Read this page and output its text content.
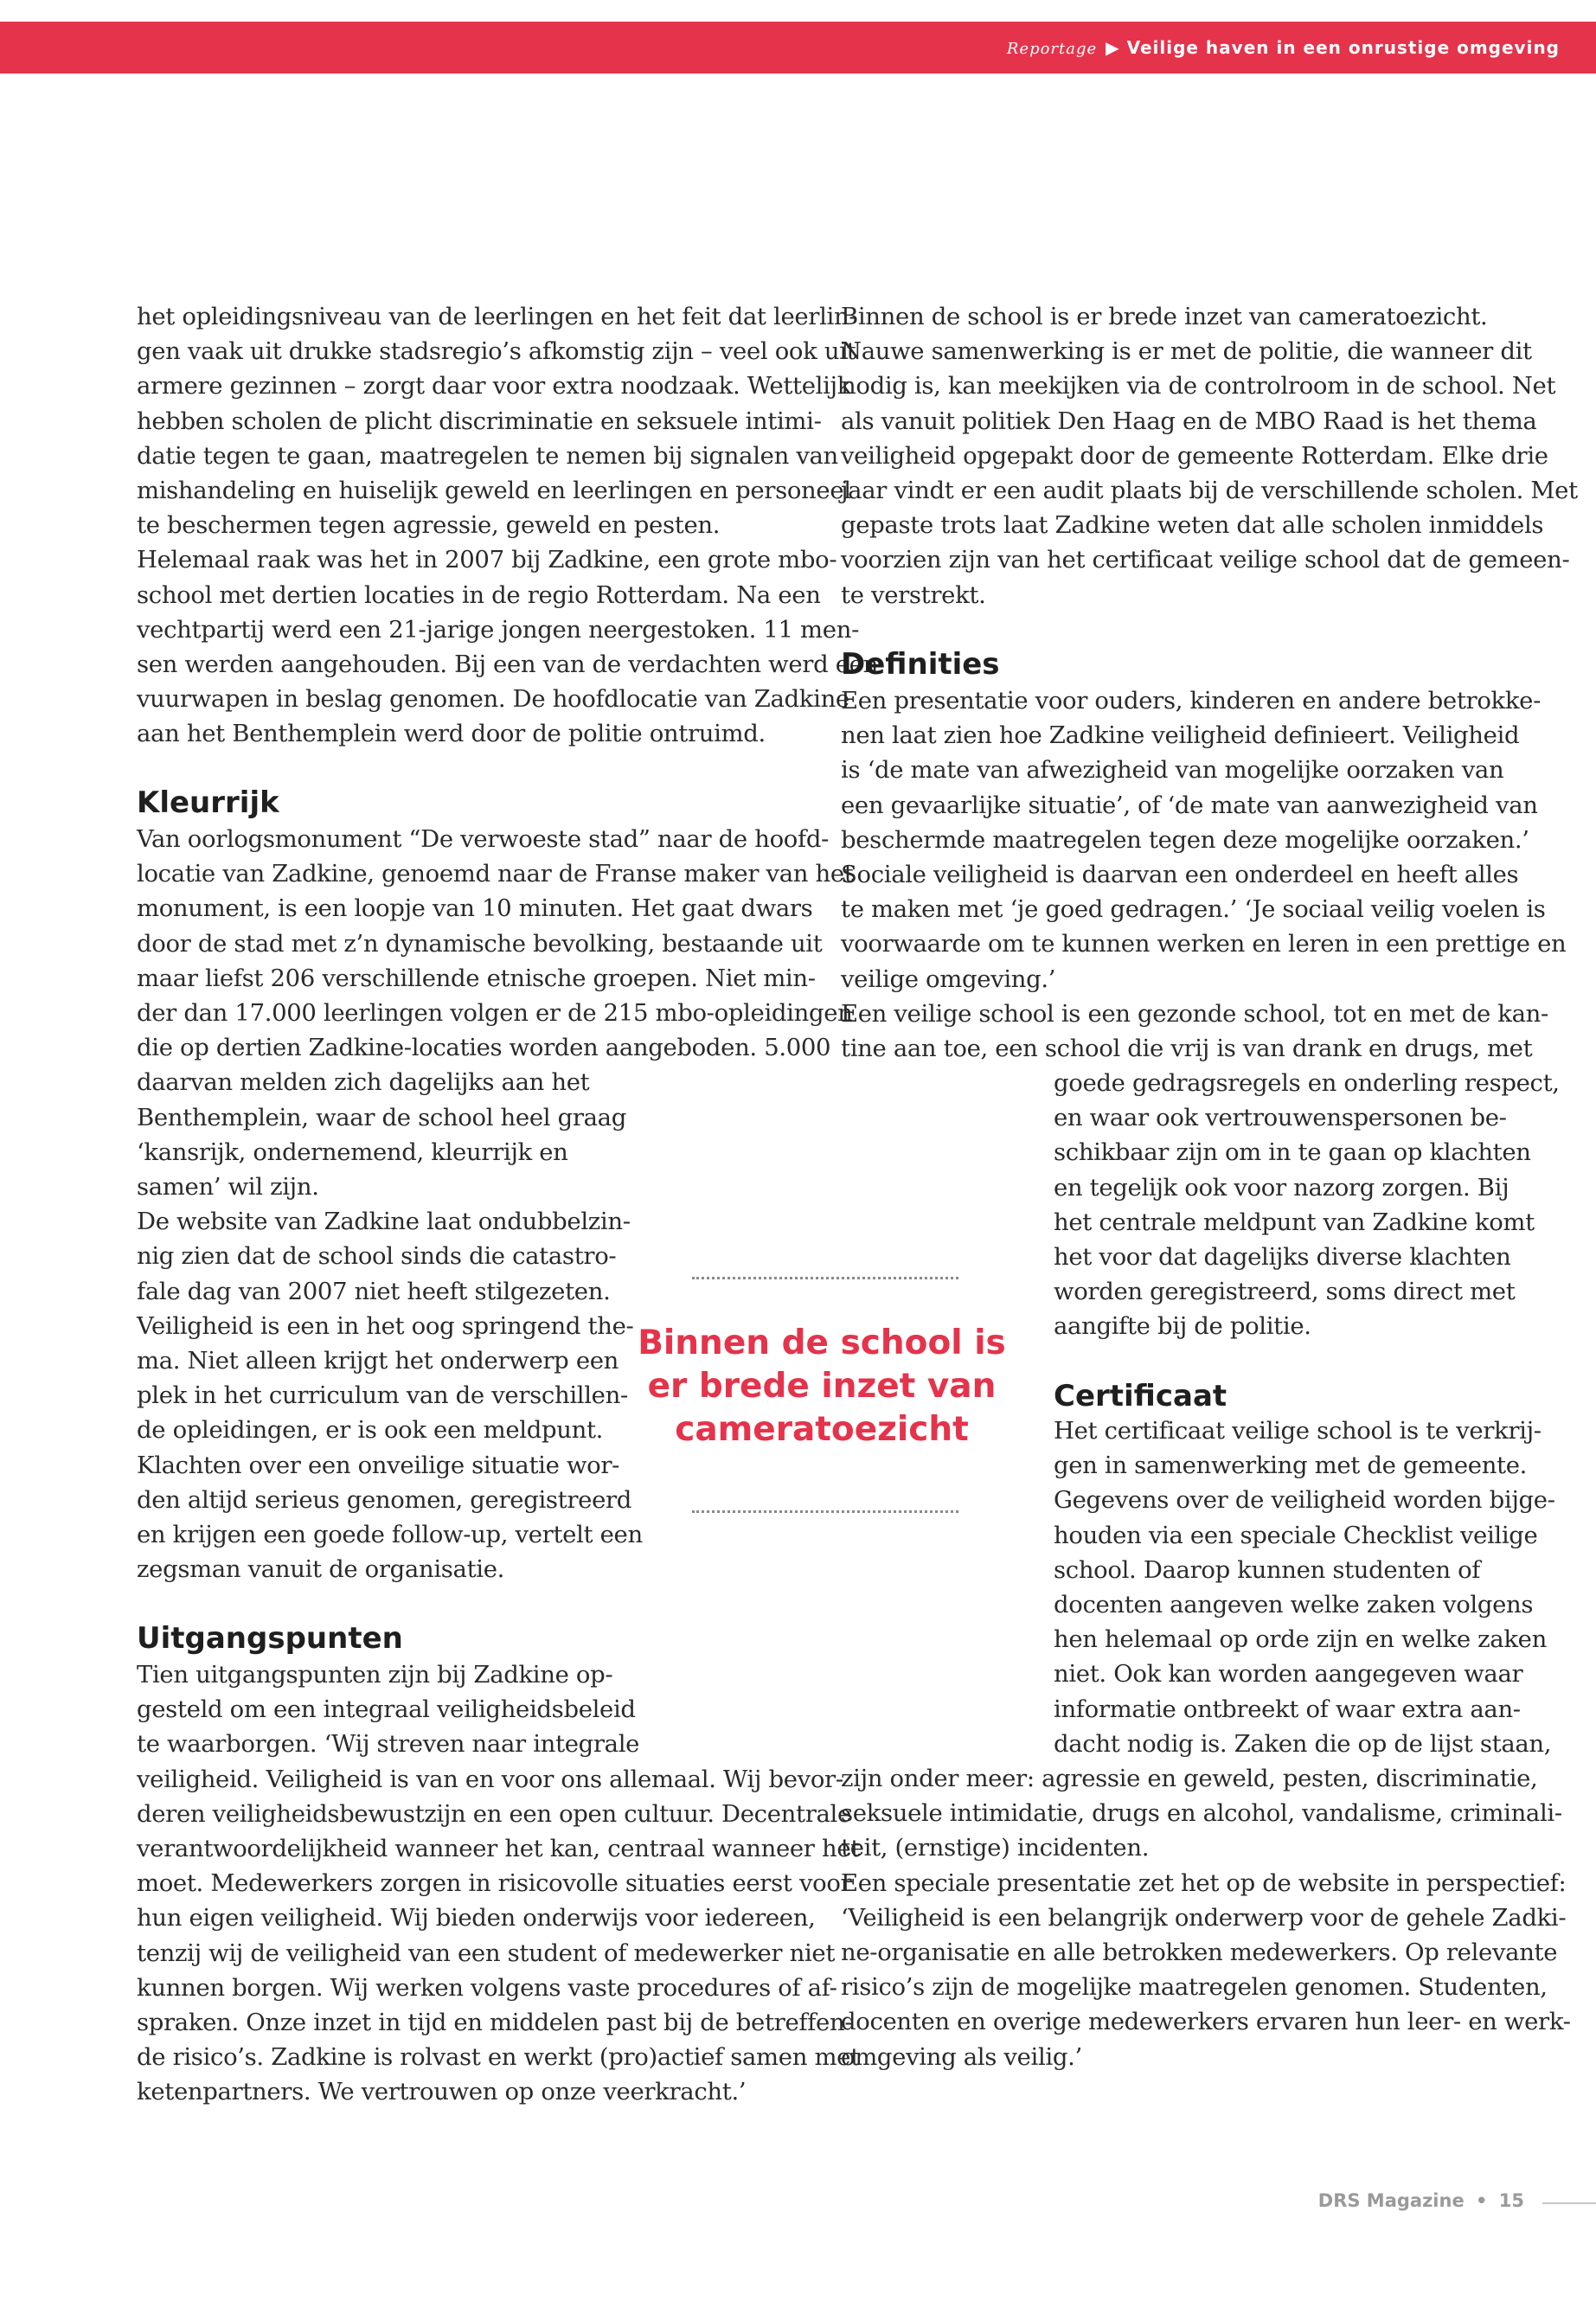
Reportage ▶ Veilige haven in een onrustige omgeving
het opleidingsniveau van de leerlingen en het feit dat leerlin-
gen vaak uit drukke stadsregio’s afkomstig zijn – veel ook uit
armere gezinnen – zorgt daar voor extra noodzaak. Wettelijk
hebben scholen de plicht discriminatie en seksuele intimi-
datie tegen te gaan, maatregelen te nemen bij signalen van
mishandeling en huiselijk geweld en leerlingen en personeel
te beschermen tegen agressie, geweld en pesten.
Helemaal raak was het in 2007 bij Zadkine, een grote mbo-
school met dertien locaties in de regio Rotterdam. Na een
vechtpartij werd een 21-jarige jongen neergestoken. 11 men-
sen werden aangehouden. Bij een van de verdachten werd een
vuurwapen in beslag genomen. De hoofdlocatie van Zadkine
aan het Benthemplein werd door de politie ontruimd.
Kleurrijk
Van oorlogsmonument “De verwoeste stad” naar de hoofd-
locatie van Zadkine, genoemd naar de Franse maker van het
monument, is een loopje van 10 minuten. Het gaat dwars
door de stad met z’n dynamische bevolking, bestaande uit
maar liefst 206 verschillende etnische groepen. Niet min-
der dan 17.000 leerlingen volgen er de 215 mbo-opleidingen
die op dertien Zadkine-locaties worden aangeboden. 5.000
daarvan melden zich dagelijks aan het
Benthemplein, waar de school heel graag
‘kansrijk, ondernemend, kleurrijk en
samen’ wil zijn.
De website van Zadkine laat ondubbelzin-
nig zien dat de school sinds die catastro-
fale dag van 2007 niet heeft stilgezeten.
Veiligheid is een in het oog springend the-
ma. Niet alleen krijgt het onderwerp een
plek in het curriculum van de verschillen-
de opleidingen, er is ook een meldpunt.
Klachten over een onveilige situatie wor-
den altijd serieus genomen, geregistreerd
en krijgen een goede follow-up, vertelt een
zegsman vanuit de organisatie.
Uitgangspunten
Tien uitgangspunten zijn bij Zadkine op-
gesteld om een integraal veiligheidsbeleid
te waarborgen. ‘Wij streven naar integrale
veiligheid. Veiligheid is van en voor ons allemaal. Wij bevor-
deren veiligheidsbewustzijn en een open cultuur. Decentrale
verantwoordelijkheid wanneer het kan, centraal wanneer het
moet. Medewerkers zorgen in risicovolle situaties eerst voor
hun eigen veiligheid. Wij bieden onderwijs voor iedereen,
tenzij wij de veiligheid van een student of medewerker niet
kunnen borgen. Wij werken volgens vaste procedures of af-
spraken. Onze inzet in tijd en middelen past bij de betreffen-
de risico’s. Zadkine is rolvast en werkt (pro)actief samen met
ketenpartners. We vertrouwen op onze veerkracht.’
Binnen de school is er brede inzet van cameratoezicht.
Nauwe samenwerking is er met de politie, die wanneer dit
nodig is, kan meekijken via de controlroom in de school. Net
als vanuit politiek Den Haag en de MBO Raad is het thema
veiligheid opgepakt door de gemeente Rotterdam. Elke drie
jaar vindt er een audit plaats bij de verschillende scholen. Met
gepaste trots laat Zadkine weten dat alle scholen inmiddels
voorzien zijn van het certificaat veilige school dat de gemeen-
te verstrekt.
Definities
Een presentatie voor ouders, kinderen en andere betrokke-
nen laat zien hoe Zadkine veiligheid definieert. Veiligheid
is ‘de mate van afwezigheid van mogelijke oorzaken van
een gevaarlijke situatie’, of ‘de mate van aanwezigheid van
beschermde maatregelen tegen deze mogelijke oorzaken.’
Sociale veiligheid is daarvan een onderdeel en heeft alles
te maken met ‘je goed gedragen.’ ‘Je sociaal veilig voelen is
voorwaarde om te kunnen werken en leren in een prettige en
veilige omgeving.’
Een veilige school is een gezonde school, tot en met de kan-
tine aan toe, een school die vrij is van drank en drugs, met
goede gedragsregels en onderling respect,
en waar ook vertrouwenspersonen be-
schikbaar zijn om in te gaan op klachten
en tegelijk ook voor nazorg zorgen. Bij
het centrale meldpunt van Zadkine komt
het voor dat dagelijks diverse klachten
worden geregistreerd, soms direct met
aangifte bij de politie.
Certificaat
Het certificaat veilige school is te verkrij-
gen in samenwerking met de gemeente.
Gegevens over de veiligheid worden bijge-
houden via een speciale Checklist veilige
school. Daarop kunnen studenten of
docenten aangeven welke zaken volgens
hen helemaal op orde zijn en welke zaken
niet. Ook kan worden aangegeven waar
informatie ontbreekt of waar extra aan-
dacht nodig is. Zaken die op de lijst staan,
zijn onder meer: agressie en geweld, pesten, discriminatie,
seksuele intimidatie, drugs en alcohol, vandalisme, criminali-
teit, (ernstige) incidenten.
Een speciale presentatie zet het op de website in perspectief:
‘Veiligheid is een belangrijk onderwerp voor de gehele Zadki-
ne-organisatie en alle betrokken medewerkers. Op relevante
risico’s zijn de mogelijke maatregelen genomen. Studenten,
docenten en overige medewerkers ervaren hun leer- en werk-
omgeving als veilig.’
Binnen de school is
er brede inzet van
cameratoezicht
DRS Magazine • 15
